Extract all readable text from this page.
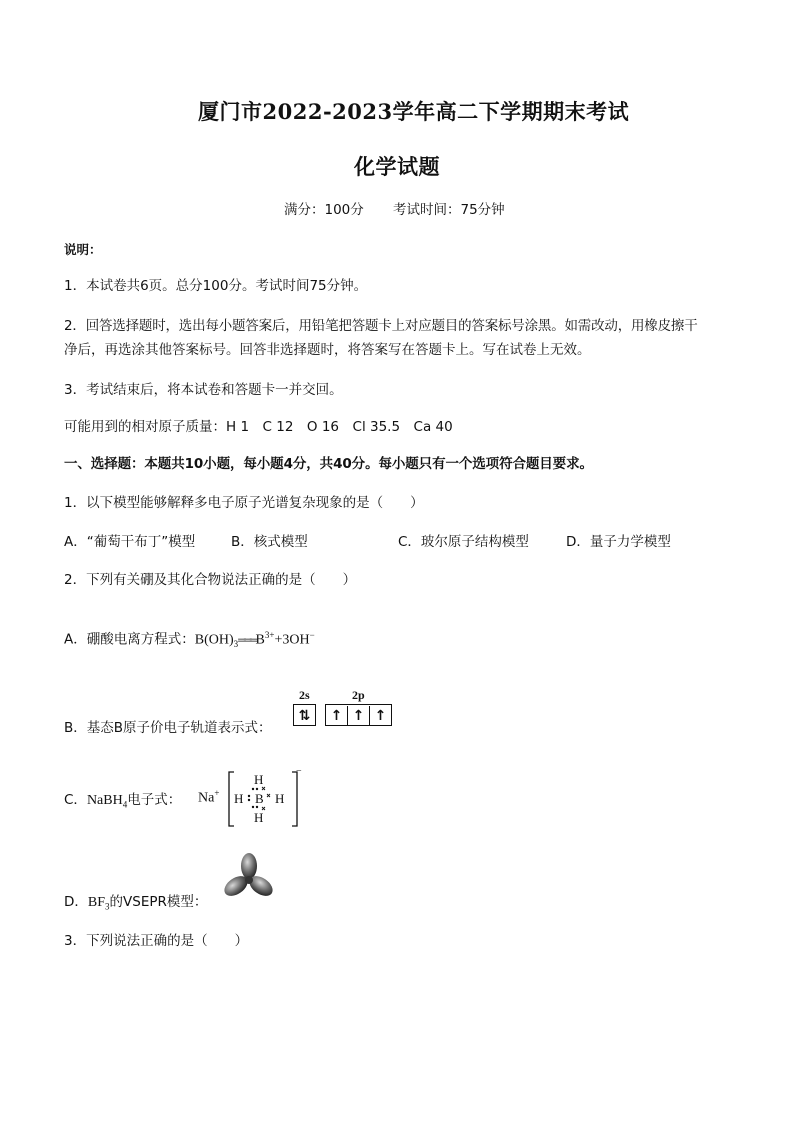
厦门市2022-2023学年高二下学期期末考试
化学试题
满分：100分 考试时间：75分钟
说明：
1．本试卷共6页。总分100分。考试时间75分钟。
2．回答选择题时，选出每小题答案后，用铅笔把答题卡上对应题目的答案标号涂黑。如需改动，用橡皮擦干
净后，再选涂其他答案标号。回答非选择题时，将答案写在答题卡上。写在试卷上无效。
3．考试结束后，将本试卷和答题卡一并交回。
可能用到的相对原子质量：H 1　C 12　O 16　Cl 35.5　Ca 40
一、选择题：本题共10小题，每小题4分，共40分。每小题只有一个选项符合题目要求。
1．以下模型能够解释多电子原子光谱复杂现象的是（　　）
A．“葡萄干布丁”模型	B．核式模型	C．玻尔原子结构模型	D．量子力学模型
2．下列有关硼及其化合物说法正确的是（　　）
A．硼酸电离方程式：$B(OH)_3═══B^{3+}+3OH^-$
B．基态B原子价电子轨道表示式：
2s	2p
⇅	↑ ↑ ↑
C．NaBH$_4$电子式： Na+
H
H B H
H
−
D．$BF_3$的VSEPR模型：
3．下列说法正确的是（　　）
